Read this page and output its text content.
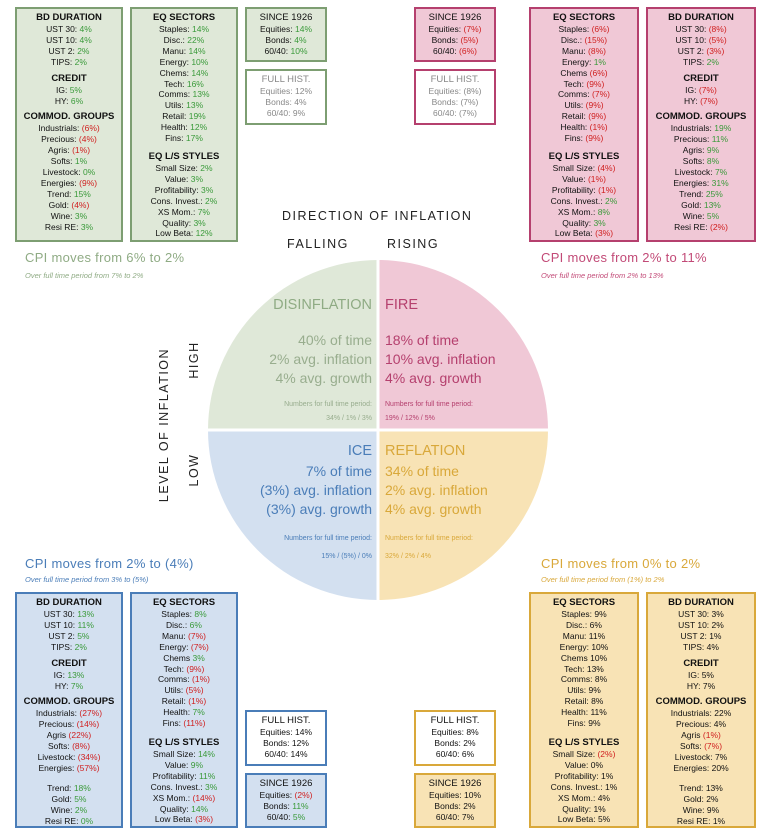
BD DURATION
UST 30: 4%
UST 10: 4%
UST 2: 2%
TIPS: 2%
CREDIT
IG: 5%
HY: 6%
COMMOD. GROUPS
Industrials: (6%)
Precious: (4%)
Agris: (1%)
Softs: 1%
Livestock: 0%
Energies: (9%)
Trend: 15%
Gold: (4%)
Wine: 3%
Resi RE: 3%
EQ SECTORS
Staples: 14%
Disc.: 22%
Manu: 14%
Energy: 10%
Chems: 14%
Tech: 16%
Comms: 13%
Utils: 13%
Retail: 19%
Health: 12%
Fins: 17%
EQ L/S STYLES
Small Size: 2%
Value: 3%
Profitability: 3%
Cons. Invest.: 2%
XS Mom.: 7%
Quality: 3%
Low Beta: 12%
SINCE 1926
Equities: 14%
Bonds: 4%
60/40: 10%
FULL HIST.
Equities: 12%
Bonds: 4%
60/40: 9%
SINCE 1926
Equities: (7%)
Bonds: (5%)
60/40: (6%)
FULL HIST.
Equities: (8%)
Bonds: (7%)
60/40: (7%)
EQ SECTORS
Staples: (6%)
Disc.: (15%)
Manu: (8%)
Energy: 1%
Chems (6%)
Tech: (9%)
Comms: (7%)
Utils: (9%)
Retail: (9%)
Health: (1%)
Fins: (9%)
EQ L/S STYLES
Small Size: (4%)
Value: (1%)
Profitability: (1%)
Cons. Invest.: 2%
XS Mom.: 8%
Quality: 3%
Low Beta: (3%)
BD DURATION
UST 30: (8%)
UST 10: (5%)
UST 2: (3%)
TIPS: 2%
CREDIT
IG: (7%)
HY: (7%)
COMMOD. GROUPS
Industrials: 19%
Precious: 11%
Agris: 9%
Softs: 8%
Livestock: 7%
Energies: 31%
Trend: 25%
Gold: 13%
Wine: 5%
Resi RE: (2%)
CPI moves from 6% to 2%
Over full time period from 7% to 2%
CPI moves from 2% to 11%
Over full time period from 2% to 13%
CPI moves from 2% to (4%)
Over full time period from 3% to (5%)
CPI moves from 0% to 2%
Over full time period from (1%) to 2%
DIRECTION OF INFLATION
FALLING	RISING
LEVEL OF INFLATION HIGH
LOW
DISINFLATION
40% of time
2% avg. inflation
4% avg. growth
Numbers for full time period:
34% / 1% / 3%
FIRE
18% of time
10% avg. inflation
4% avg. growth
Numbers for full time period:
19% / 12% / 5%
ICE
7% of time
(3%) avg. inflation
(3%) avg. growth
Numbers for full time period:
15% / (5%) / 0%
REFLATION
34% of time
2% avg. inflation
4% avg. growth
Numbers for full time period:
32% / 2% / 4%
BD DURATION
UST 30: 13%
UST 10: 11%
UST 2: 5%
TIPS: 2%
CREDIT
IG: 13%
HY: 7%
COMMOD. GROUPS
Industrials: (27%)
Precious: (14%)
Agris (22%)
Softs: (8%)
Livestock: (34%)
Energies: (57%)
Trend: 18%
Gold: 5%
Wine: 2%
Resi RE: 0%
EQ SECTORS
Staples: 8%
Disc.: 6%
Manu: (7%)
Energy: (7%)
Chems 3%
Tech: (9%)
Comms: (1%)
Utils: (5%)
Retail: (1%)
Health: 7%
Fins: (11%)
EQ L/S STYLES
Small Size: 14%
Value: 9%
Profitability: 11%
Cons. Invest.: 3%
XS Mom.: (14%)
Quality: 14%
Low Beta: (3%)
FULL HIST.
Equities: 14%
Bonds: 12%
60/40: 14%
SINCE 1926
Equities: (2%)
Bonds: 11%
60/40: 5%
FULL HIST.
Equities: 8%
Bonds: 2%
60/40: 6%
SINCE 1926
Equities: 10%
Bonds: 2%
60/40: 7%
EQ SECTORS
Staples: 9%
Disc.: 6%
Manu: 11%
Energy: 10%
Chems 10%
Tech: 13%
Comms: 8%
Utils: 9%
Retail: 8%
Health: 11%
Fins: 9%
EQ L/S STYLES
Small Size: (2%)
Value: 0%
Profitability: 1%
Cons. Invest.: 1%
XS Mom.: 4%
Quality: 1%
Low Beta: 5%
BD DURATION
UST 30: 3%
UST 10: 2%
UST 2: 1%
TIPS: 4%
CREDIT
IG: 5%
HY: 7%
COMMOD. GROUPS
Industrials: 22%
Precious: 4%
Agris (1%)
Softs: (7%)
Livestock: 7%
Energies: 20%
Trend: 13%
Gold: 2%
Wine: 9%
Resi RE: 1%
